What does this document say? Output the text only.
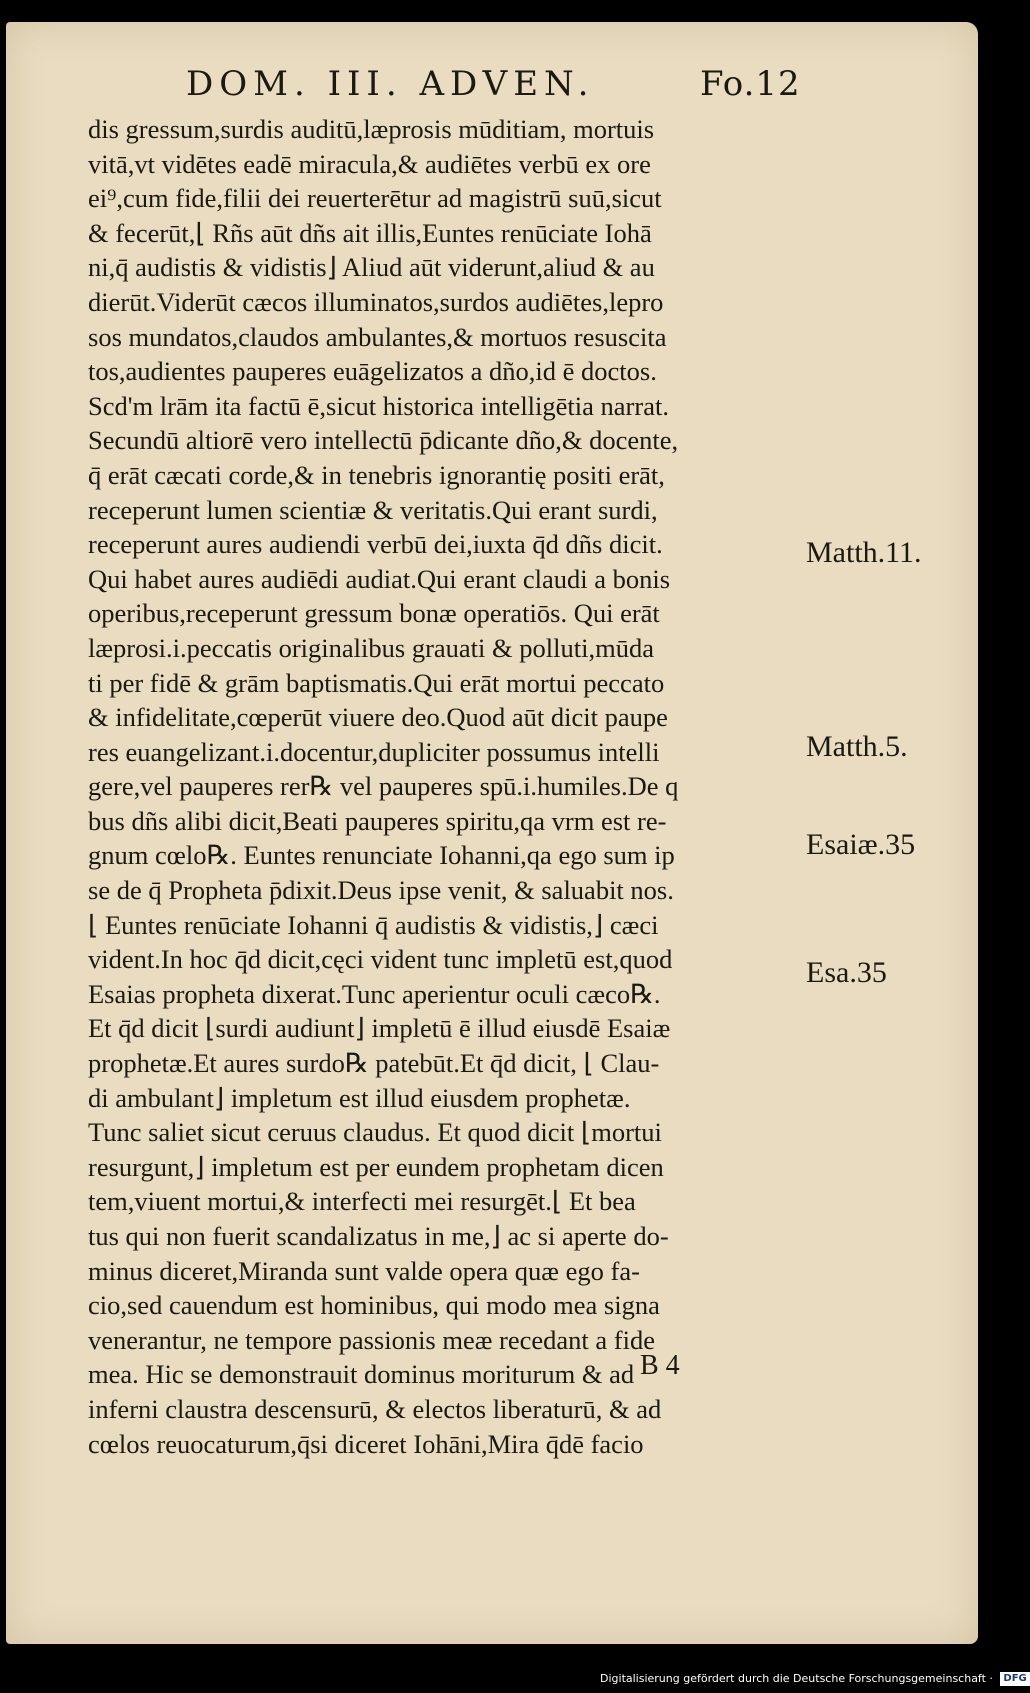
DOM. III. ADVEN.	Fo.12
dis gressum,surdis auditū,læprosis mūditiam, mortuis
vitā,vt vidētes eadē miracula,& audiētes verbū ex ore
ei⁹,cum fide,filii dei reuerterētur ad magistrū suū,sicut
& fecerūt,⌊ Rñs aūt dñs ait illis,Euntes renūciate Iohā
ni,q̄ audistis & vidistis⌋ Aliud aūt viderunt,aliud & au
dierūt.Viderūt cæcos illuminatos,surdos audiētes,lepro
sos mundatos,claudos ambulantes,& mortuos resuscita
tos,audientes pauperes euāgelizatos a dño,id ē doctos.
Scd'm lrām ita factū ē,sicut historica intelligētia narrat.
Secundū altiorē vero intellectū p̄dicante dño,& docente,
q̄ erāt cæcati corde,& in tenebris ignorantię positi erāt,
receperunt lumen scientiæ & veritatis.Qui erant surdi,
receperunt aures audiendi verbū dei,iuxta q̄d dñs dicit.
Qui habet aures audiēdi audiat.Qui erant claudi a bonis
operibus,receperunt gressum bonæ operatiōs. Qui erāt
læprosi.i.peccatis originalibus grauati & polluti,mūda
ti per fidē & grām baptismatis.Qui erāt mortui peccato
& infidelitate,cœperūt viuere deo.Quod aūt dicit paupe
res euangelizant.i.docentur,dupliciter possumus intelli
gere,vel pauperes rer℞ vel pauperes spū.i.humiles.De q
bus dñs alibi dicit,Beati pauperes spiritu,qa vrm est re-
gnum cœlo℞. Euntes renunciate Iohanni,qa ego sum ip
se de q̄ Propheta p̄dixit.Deus ipse venit, & saluabit nos.
⌊ Euntes renūciate Iohanni q̄ audistis & vidistis,⌋ cæci
vident.In hoc q̄d dicit,cęci vident tunc impletū est,quod
Esaias propheta dixerat.Tunc aperientur oculi cæco℞.
Et q̄d dicit ⌊surdi audiunt⌋ impletū ē illud eiusdē Esaiæ
prophetæ.Et aures surdo℞ patebūt.Et q̄d dicit, ⌊ Clau-
di ambulant⌋ impletum est illud eiusdem prophetæ.
Tunc saliet sicut ceruus claudus. Et quod dicit ⌊mortui
resurgunt,⌋ impletum est per eundem prophetam dicen
tem,viuent mortui,& interfecti mei resurgēt.⌊ Et bea
tus qui non fuerit scandalizatus in me,⌋ ac si aperte do-
minus diceret,Miranda sunt valde opera quæ ego fa-
cio,sed cauendum est hominibus, qui modo mea signa
venerantur, ne tempore passionis meæ recedant a fide
mea. Hic se demonstrauit dominus moriturum & ad
inferni claustra descensurū, & electos liberaturū, & ad
cœlos reuocaturum,q̄si diceret Iohāni,Mira q̄dē facio
Matth.11.
Matth.5.
Esaiæ.35
Esa.35
B 4
Digitalisierung gefördert durch die Deutsche Forschungsgemeinschaft · DFG
